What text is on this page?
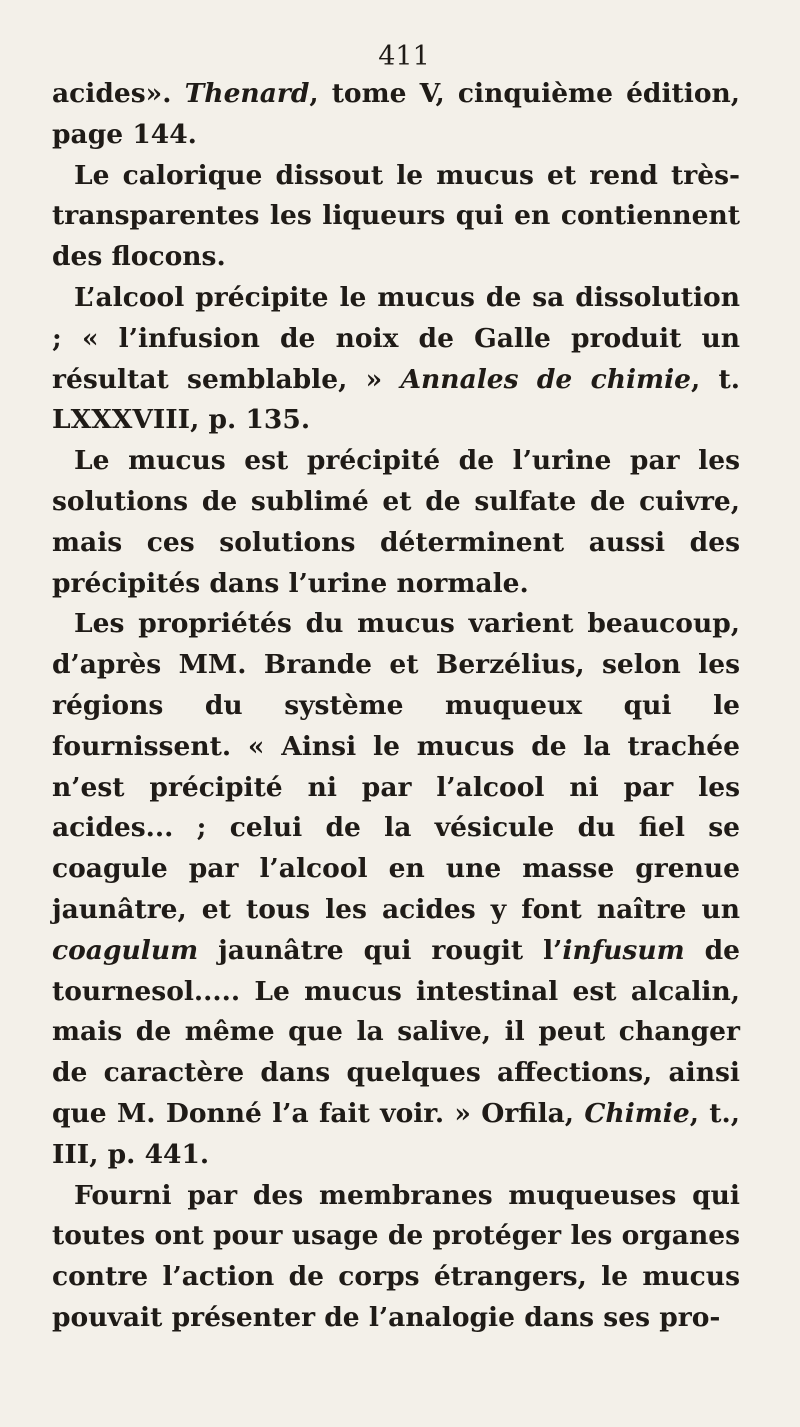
411

acides». Thenard, tome V, cinquième édition, page 144.

Le calorique dissout le mucus et rend très-transparentes les liqueurs qui en contiennent des flocons.

L’alcool précipite le mucus de sa dissolution ; « l’infusion de noix de Galle produit un résultat semblable, » Annales de chimie, t. LXXXVIII, p. 135.

Le mucus est précipité de l’urine par les solutions de sublimé et de sulfate de cuivre, mais ces solutions déterminent aussi des précipités dans l’urine normale.

Les propriétés du mucus varient beaucoup, d’après MM. Brande et Berzélius, selon les régions du système muqueux qui le fournissent. « Ainsi le mucus de la trachée n’est précipité ni par l’alcool ni par les acides... ; celui de la vésicule du fiel se coagule par l’alcool en une masse grenue jaunâtre, et tous les acides y font naître un coagulum jaunâtre qui rougit l’infusum de tournesol..... Le mucus intestinal est alcalin, mais de même que la salive, il peut changer de caractère dans quelques affections, ainsi que M. Donné l’a fait voir. » Orfila, Chimie, t., III, p. 441.

Fourni par des membranes muqueuses qui toutes ont pour usage de protéger les organes contre l’action de corps étrangers, le mucus pouvait présenter de l’analogie dans ses pro-
